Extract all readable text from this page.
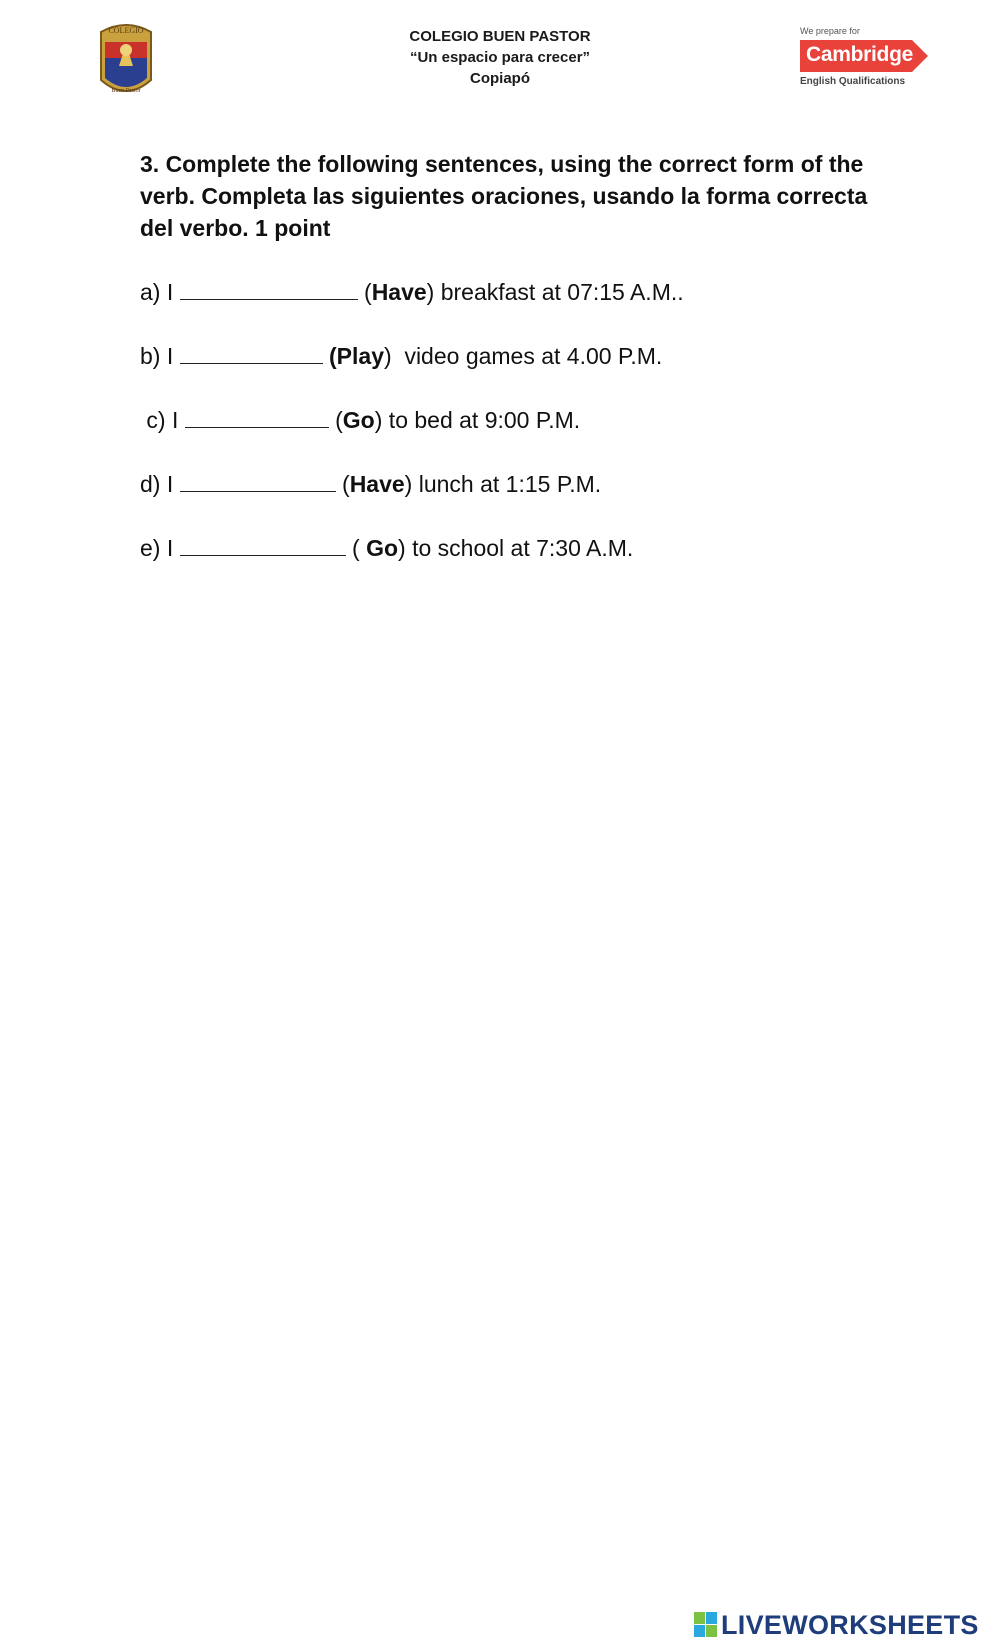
COLEGIO
Buen Pastor
COLEGIO BUEN PASTOR
“Un espacio para crecer”
Copiapó
We prepare for
Cambridge
English Qualifications
3. Complete the following sentences, using the correct form of the verb. Completa las siguientes oraciones, usando la forma correcta del verbo. 1 point
a) I	(Have) breakfast at 07:15 A.M..
b) I	(Play)  video games at 4.00 P.M.
c) I	(Go) to bed at 9:00 P.M.
d) I	(Have) lunch at 1:15 P.M.
e) I	( Go) to school at 7:30 A.M.
LIVEWORKSHEETS
